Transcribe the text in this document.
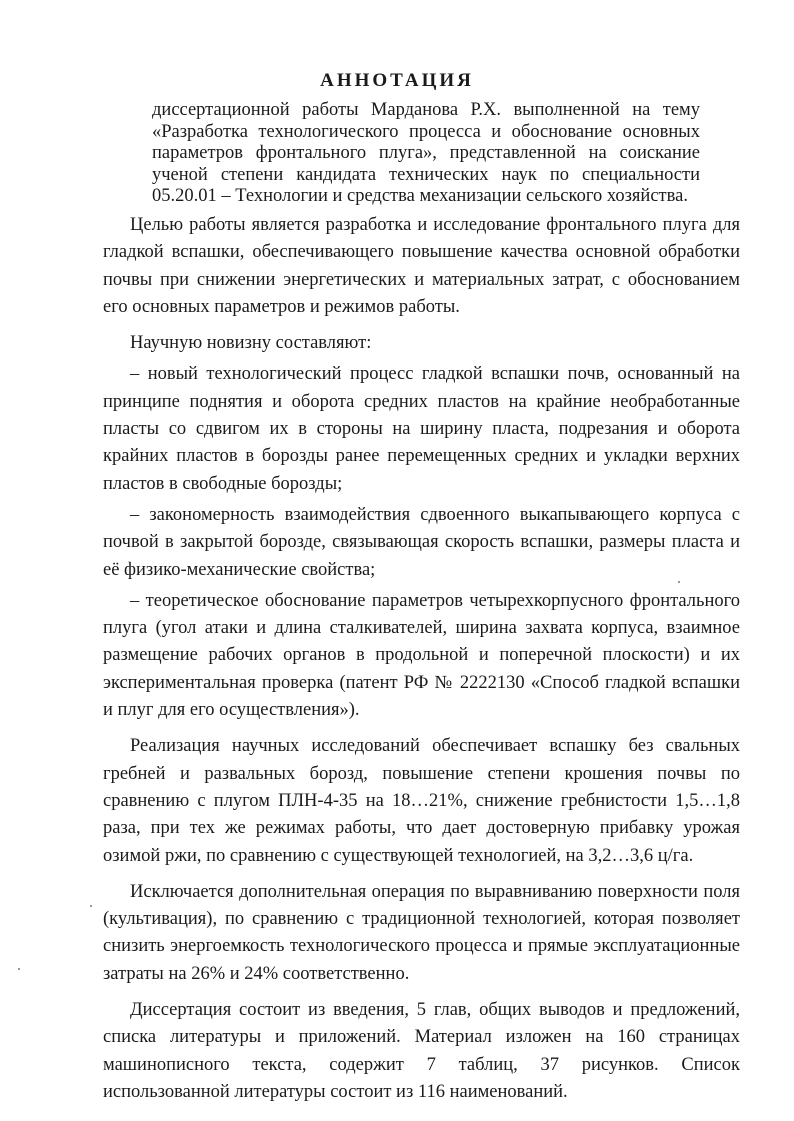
АННОТАЦИЯ
диссертационной работы Марданова Р.Х. выполненной на тему «Разработка технологического процесса и обоснование основных параметров фронтального плуга», представленной на соискание ученой степени кандидата технических наук по специальности 05.20.01 – Технологии и средства механизации сельского хозяйства.

Целью работы является разработка и исследование фронтального плуга для гладкой вспашки, обеспечивающего повышение качества основной обработки почвы при снижении энергетических и материальных затрат, с обоснованием его основных параметров и режимов работы.

Научную новизну составляют:

– новый технологический процесс гладкой вспашки почв, основанный на принципе поднятия и оборота средних пластов на крайние необработанные пласты со сдвигом их в стороны на ширину пласта, подрезания и оборота крайних пластов в борозды ранее перемещенных средних и укладки верхних пластов в свободные борозды;

– закономерность взаимодействия сдвоенного выкапывающего корпуса с почвой в закрытой борозде, связывающая скорость вспашки, размеры пласта и её физико-механические свойства;

– теоретическое обоснование параметров четырехкорпусного фронтального плуга (угол атаки и длина сталкивателей, ширина захвата корпуса, взаимное размещение рабочих органов в продольной и поперечной плоскости) и их экспериментальная проверка (патент РФ № 2222130 «Способ гладкой вспашки и плуг для его осуществления»).

Реализация научных исследований обеспечивает вспашку без свальных гребней и развальных борозд, повышение степени крошения почвы по сравнению с плугом ПЛН-4-35 на 18…21%, снижение гребнистости 1,5…1,8 раза, при тех же режимах работы, что дает достоверную прибавку урожая озимой ржи, по сравнению с существующей технологией, на 3,2…3,6 ц/га.

Исключается дополнительная операция по выравниванию поверхности поля (культивация), по сравнению с традиционной технологией, которая позволяет снизить энергоемкость технологического процесса и прямые эксплуатационные затраты на 26% и 24% соответственно.

Диссертация состоит из введения, 5 глав, общих выводов и предложений, списка литературы и приложений. Материал изложен на 160 страницах машинописного текста, содержит 7 таблиц, 37 рисунков. Список использованной литературы состоит из 116 наименований.
